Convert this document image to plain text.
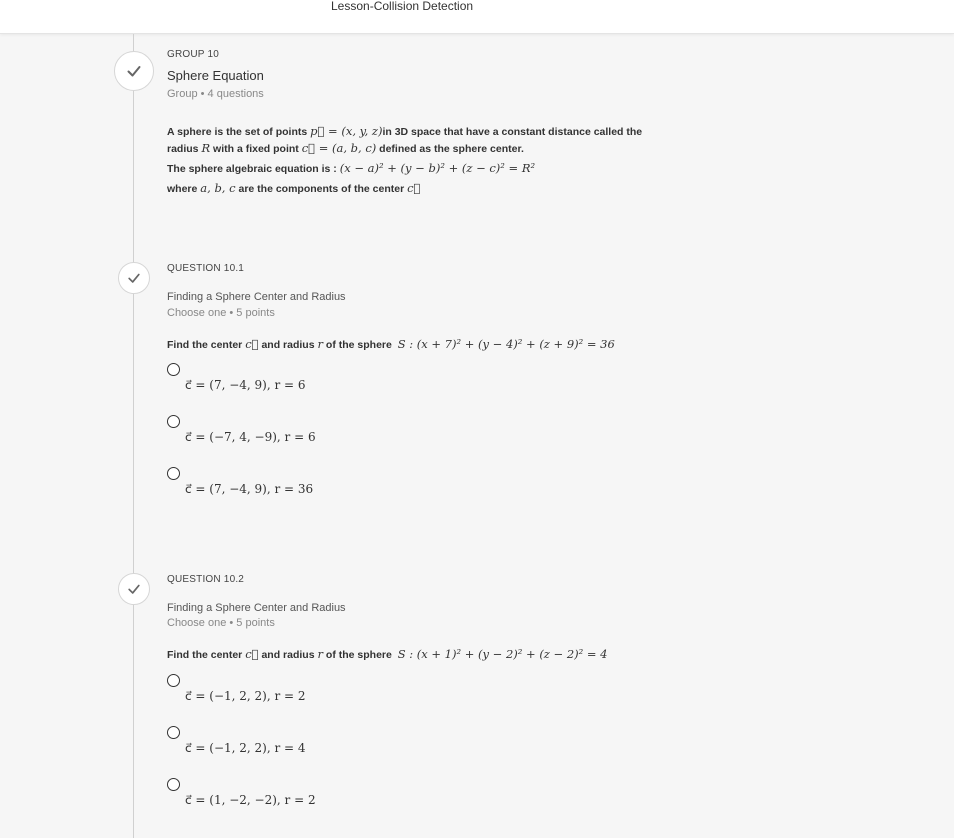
Lesson-Collision Detection
GROUP 10
Sphere Equation
Group • 4 questions
A sphere is the set of points p⃗ = (x, y, z)in 3D space that have a constant distance called the
radius R with a fixed point c⃗ = (a, b, c) defined as the sphere center.
The sphere algebraic equation is : (x − a)² + (y − b)² + (z − c)² = R²
where a, b, c are the components of the center c⃗
QUESTION 10.1
Finding a Sphere Center and Radius
Choose one • 5 points
Find the center c⃗ and radius r of the sphere S : (x + 7)² + (y − 4)² + (z + 9)² = 36
c⃗ = (7, −4, 9), r = 6
c⃗ = (−7, 4, −9), r = 6
c⃗ = (7, −4, 9), r = 36
QUESTION 10.2
Finding a Sphere Center and Radius
Choose one • 5 points
Find the center c⃗ and radius r of the sphere S : (x + 1)² + (y − 2)² + (z − 2)² = 4
c⃗ = (−1, 2, 2), r = 2
c⃗ = (−1, 2, 2), r = 4
c⃗ = (1, −2, −2), r = 2
